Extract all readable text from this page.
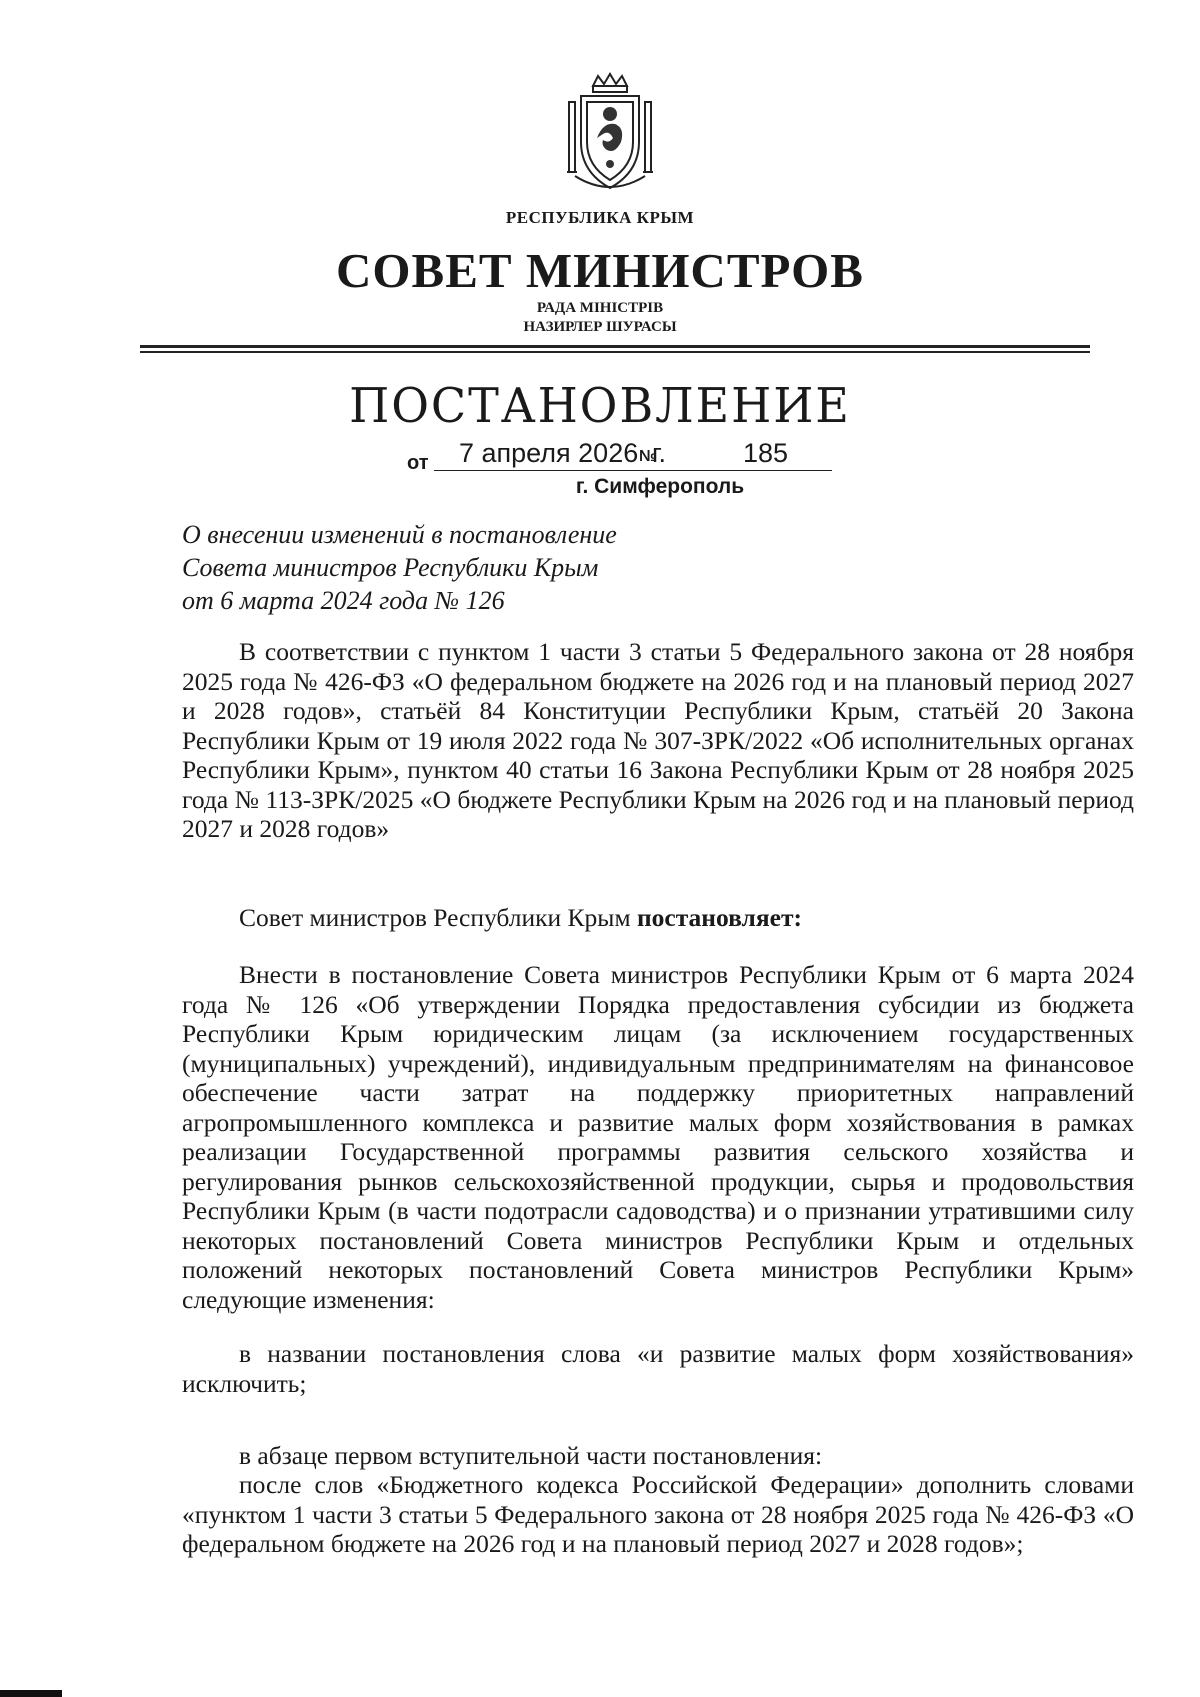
РЕСПУБЛИКА КРЫМ
СОВЕТ МИНИСТРОВ
РАДА МІНІСТРІВ
НАЗИРЛЕР ШУРАСЫ
ПОСТАНОВЛЕНИЕ
от 7 апреля 2026 №
г.	185
г. Симферополь
О внесении изменений в постановление
Совета министров Республики Крым
от 6 марта 2024 года № 126
В соответствии с пунктом 1 части 3 статьи 5 Федерального закона от 28 ноября 2025 года № 426-ФЗ «О федеральном бюджете на 2026 год и на плановый период 2027 и 2028 годов», статьёй 84 Конституции Республики Крым, статьёй 20 Закона Республики Крым от 19 июля 2022 года № 307-ЗРК/2022 «Об исполнительных органах Республики Крым», пунктом 40 статьи 16 Закона Республики Крым от 28 ноября 2025 года № 113-ЗРК/2025 «О бюджете Республики Крым на 2026 год и на плановый период 2027 и 2028 годов»
Совет министров Республики Крым постановляет:
Внести в постановление Совета министров Республики Крым от 6 марта 2024 года № 126 «Об утверждении Порядка предоставления субсидии из бюджета Республики Крым юридическим лицам (за исключением государственных (муниципальных) учреждений), индивидуальным предпринимателям на финансовое обеспечение части затрат на поддержку приоритетных направлений агропромышленного комплекса и развитие малых форм хозяйствования в рамках реализации Государственной программы развития сельского хозяйства и регулирования рынков сельскохозяйственной продукции, сырья и продовольствия Республики Крым (в части подотрасли садоводства) и о признании утратившими силу некоторых постановлений Совета министров Республики Крым и отдельных положений некоторых постановлений Совета министров Республики Крым» следующие изменения:
в названии постановления слова «и развитие малых форм хозяйствования» исключить;
в абзаце первом вступительной части постановления:
после слов «Бюджетного кодекса Российской Федерации» дополнить словами «пунктом 1 части 3 статьи 5 Федерального закона от 28 ноября 2025 года № 426-ФЗ «О федеральном бюджете на 2026 год и на плановый период 2027 и 2028 годов»;
